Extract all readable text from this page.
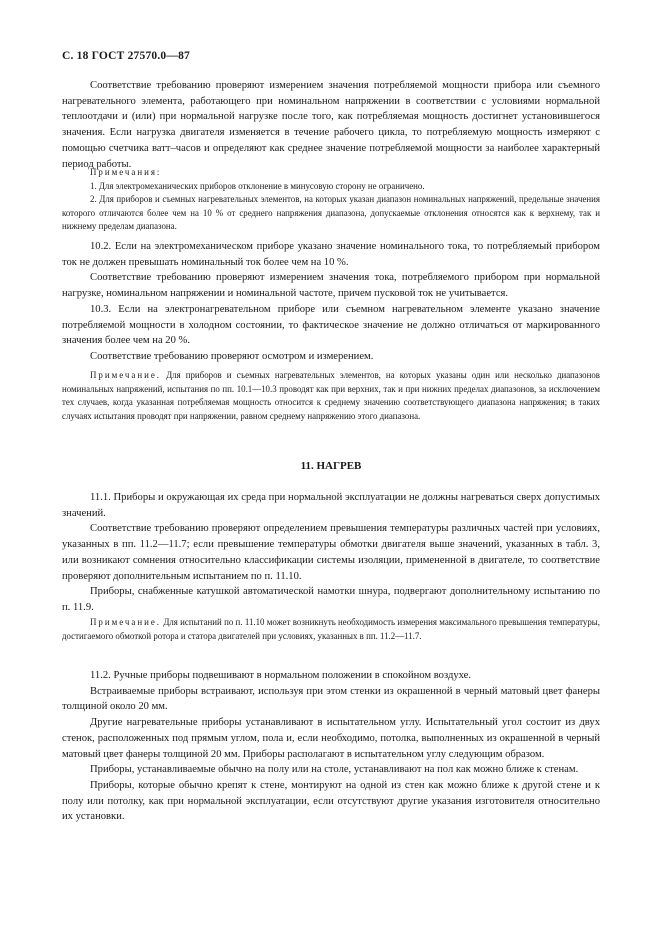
С. 18 ГОСТ 27570.0—87

Соответствие требованию проверяют измерением значения потребляемой мощности прибора или съемного нагревательного элемента, работающего при номинальном напряжении в соответствии с условиями нормальной теплоотдачи и (или) при нормальной нагрузке после того, как потребляемая мощность достигнет установившегося значения. Если нагрузка двигателя изменяется в течение рабочего цикла, то потребляемую мощность измеряют с помощью счетчика ватт–часов и определяют как среднее значение потребляемой мощности за наиболее характерный период работы.

Примечания:

1. Для электромеханических приборов отклонение в минусовую сторону не ограничено.

2. Для приборов и съемных нагревательных элементов, на которых указан диапазон номинальных напряжений, предельные значения которого отличаются более чем на 10 % от среднего напряжения диапазона, допускаемые отклонения относятся как к верхнему, так и нижнему пределам диапазона.

10.2. Если на электромеханическом приборе указано значение номинального тока, то потребляемый прибором ток не должен превышать номинальный ток более чем на 10 %.

Соответствие требованию проверяют измерением значения тока, потребляемого прибором при нормальной нагрузке, номинальном напряжении и номинальной частоте, причем пусковой ток не учитывается.

10.3. Если на электронагревательном приборе или съемном нагревательном элементе указано значение потребляемой мощности в холодном состоянии, то фактическое значение не должно отличаться от маркированного значения более чем на 20 %.

Соответствие требованию проверяют осмотром и измерением.

Примечание. Для приборов и съемных нагревательных элементов, на которых указаны один или несколько диапазонов номинальных напряжений, испытания по пп. 10.1—10.3 проводят как при верхних, так и при нижних пределах диапазонов, за исключением тех случаев, когда указанная потребляемая мощность относится к среднему значению соответствующего диапазона напряжения; в таких случаях испытания проводят при напряжении, равном среднему напряжению этого диапазона.

11. НАГРЕВ

11.1. Приборы и окружающая их среда при нормальной эксплуатации не должны нагреваться сверх допустимых значений.

Соответствие требованию проверяют определением превышения температуры различных частей при условиях, указанных в пп. 11.2—11.7; если превышение температуры обмотки двигателя выше значений, указанных в табл. 3, или возникают сомнения относительно классификации системы изоляции, примененной в двигателе, то соответствие проверяют дополнительным испытанием по п. 11.10.

Приборы, снабженные катушкой автоматической намотки шнура, подвергают дополнительному испытанию по п. 11.9.

Примечание. Для испытаний по п. 11.10 может возникнуть необходимость измерения максимального превышения температуры, достигаемого обмоткой ротора и статора двигателей при условиях, указанных в пп. 11.2—11.7.

11.2. Ручные приборы подвешивают в нормальном положении в спокойном воздухе.

Встраиваемые приборы встраивают, используя при этом стенки из окрашенной в черный матовый цвет фанеры толщиной около 20 мм.

Другие нагревательные приборы устанавливают в испытательном углу. Испытательный угол состоит из двух стенок, расположенных под прямым углом, пола и, если необходимо, потолка, выполненных из окрашенной в черный матовый цвет фанеры толщиной 20 мм. Приборы располагают в испытательном углу следующим образом.

Приборы, устанавливаемые обычно на полу или на столе, устанавливают на пол как можно ближе к стенам.

Приборы, которые обычно крепят к стене, монтируют на одной из стен как можно ближе к другой стене и к полу или потолку, как при нормальной эксплуатации, если отсутствуют другие указания изготовителя относительно их установки.
